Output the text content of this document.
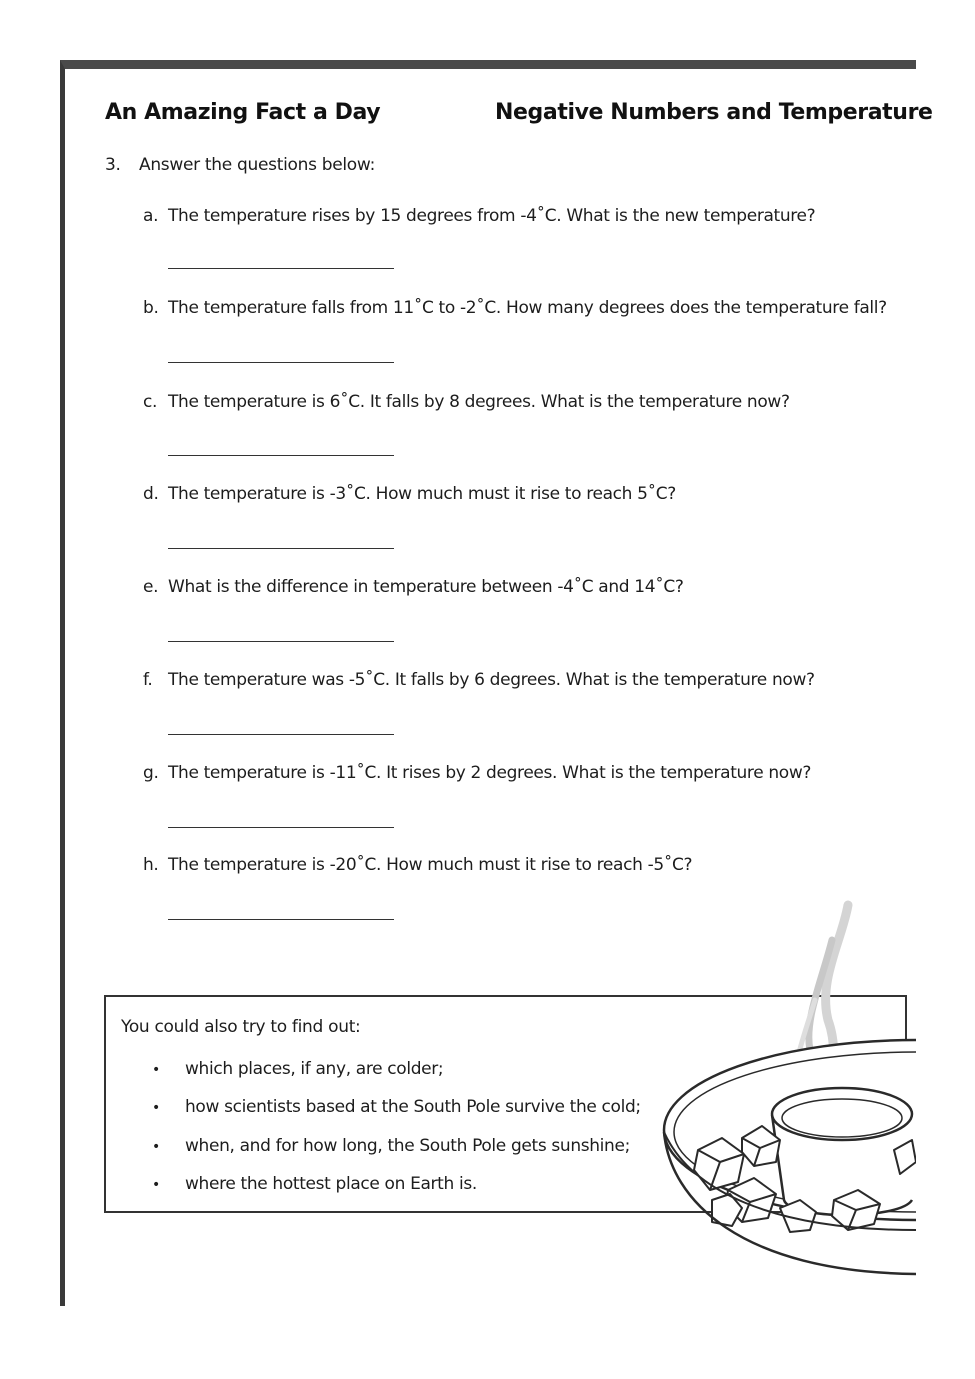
An Amazing Fact a Day	Negative Numbers and Temperature
3. Answer the questions below:
a. The temperature rises by 15 degrees from -4˚C. What is the new temperature?
b. The temperature falls from 11˚C to -2˚C. How many degrees does the temperature fall?
c. The temperature is 6˚C. It falls by 8 degrees. What is the temperature now?
d. The temperature is -3˚C. How much must it rise to reach 5˚C?
e. What is the difference in temperature between -4˚C and 14˚C?
f. The temperature was -5˚C. It falls by 6 degrees. What is the temperature now?
g. The temperature is -11˚C. It rises by 2 degrees. What is the temperature now?
h. The temperature is -20˚C. How much must it rise to reach -5˚C?
You could also try to find out:
• which places, if any, are colder;
• how scientists based at the South Pole survive the cold;
• when, and for how long, the South Pole gets sunshine;
• where the hottest place on Earth is.
